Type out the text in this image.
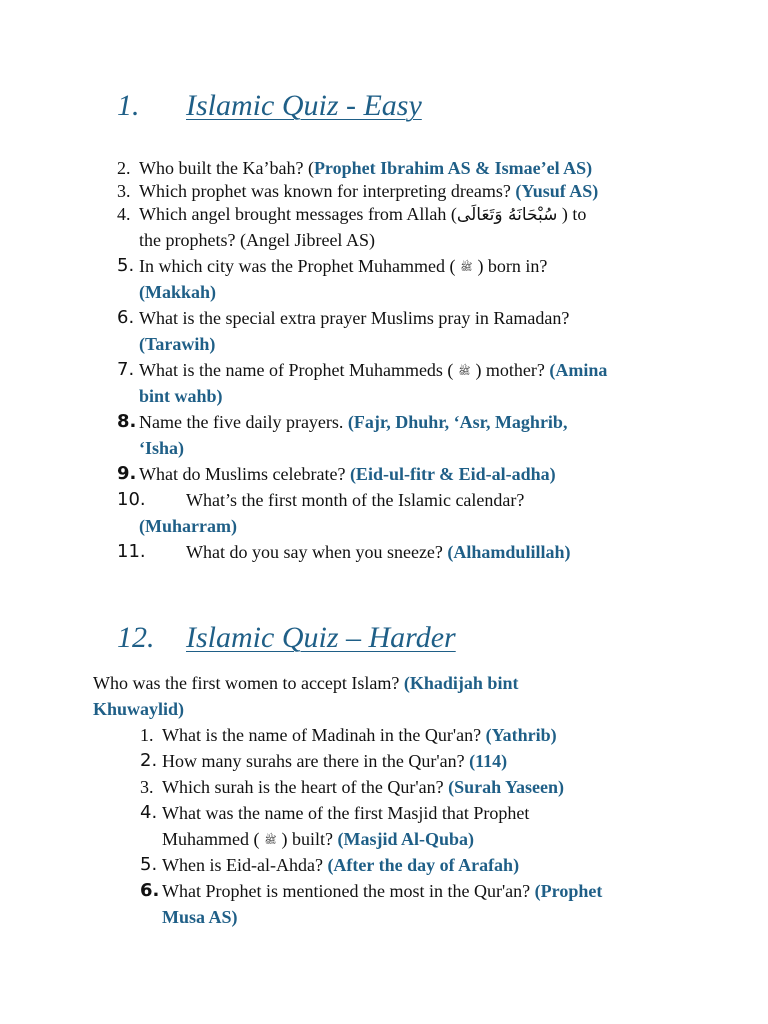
1. Islamic Quiz - Easy
2. Who built the Ka’bah? (Prophet Ibrahim AS & Ismae’el AS)
3. Which prophet was known for interpreting dreams? (Yusuf AS)
4. Which angel brought messages from Allah (سُبْحَانَهُ وَتَعَالَى ) to
the prophets? (Angel Jibreel AS)
5. In which city was the Prophet Muhammed ( ﷺ ) born in?
(Makkah)
6. What is the special extra prayer Muslims pray in Ramadan?
(Tarawih)
7. What is the name of Prophet Muhammeds ( ﷺ ) mother? (Amina
bint wahb)
8. Name the five daily prayers. (Fajr, Dhuhr, ‘Asr, Maghrib,
‘Isha)
9. What do Muslims celebrate? (Eid-ul-fitr & Eid-al-adha)
10. What’s the first month of the Islamic calendar?
(Muharram)
11. What do you say when you sneeze? (Alhamdulillah)
12. Islamic Quiz – Harder
Who was the first women to accept Islam? (Khadijah bint
Khuwaylid)
1. What is the name of Madinah in the Qur'an? (Yathrib)
2. How many surahs are there in the Qur'an? (114)
3. Which surah is the heart of the Qur'an? (Surah Yaseen)
4. What was the name of the first Masjid that Prophet
Muhammed ( ﷺ ) built? (Masjid Al-Quba)
5. When is Eid-al-Ahda? (After the day of Arafah)
6. What Prophet is mentioned the most in the Qur'an? (Prophet
Musa AS)
